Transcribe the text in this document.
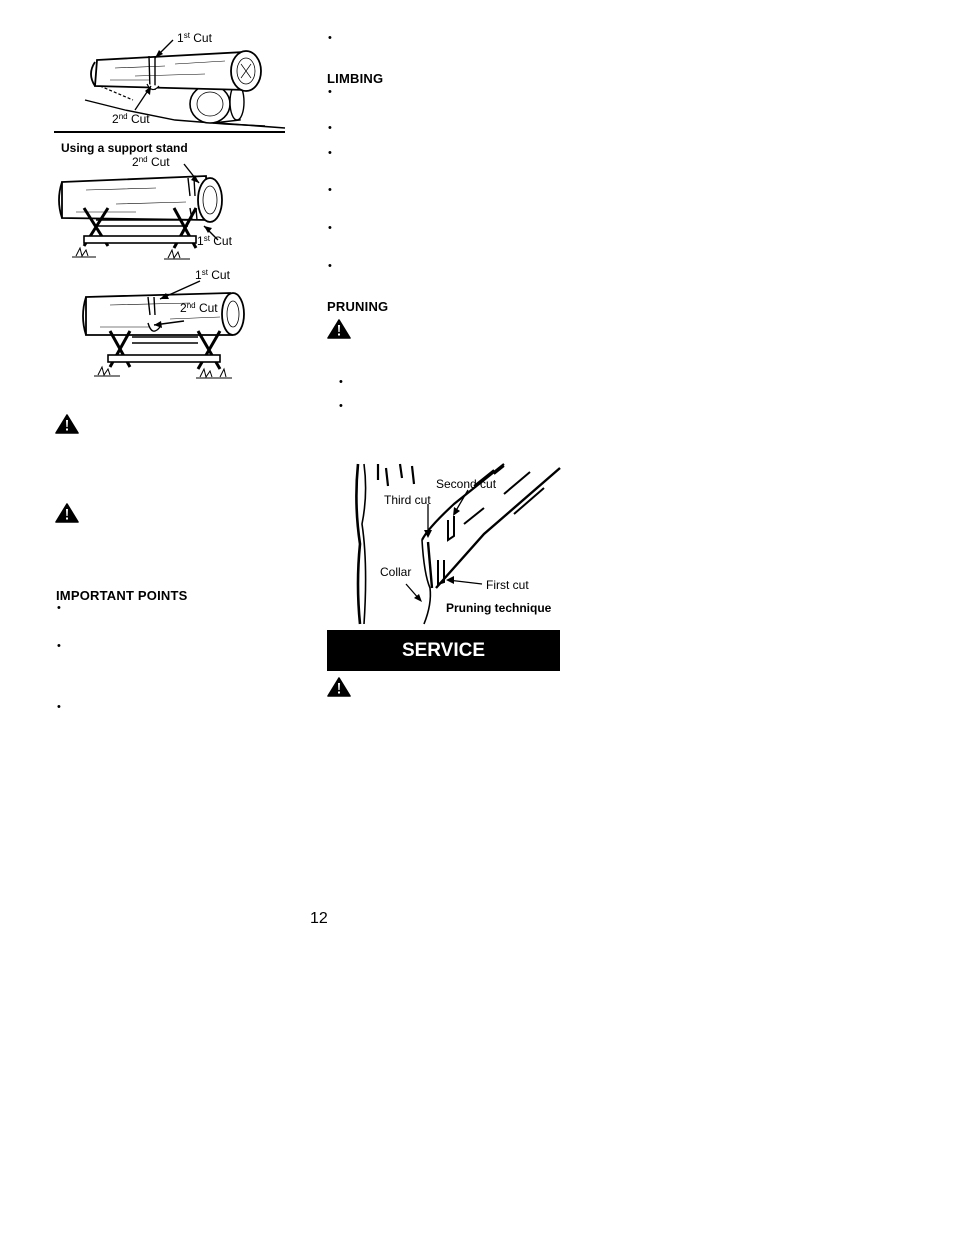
1st Cut
2nd Cut
Using a support stand
2nd Cut
1st Cut
1st Cut
2nd Cut
IMPORTANT POINTS
•
•
•
•
LIMBING
•
•
•
•
•
•
PRUNING
•
•
Second cut
Third cut
Collar
First cut
Pruning technique
SERVICE
12
